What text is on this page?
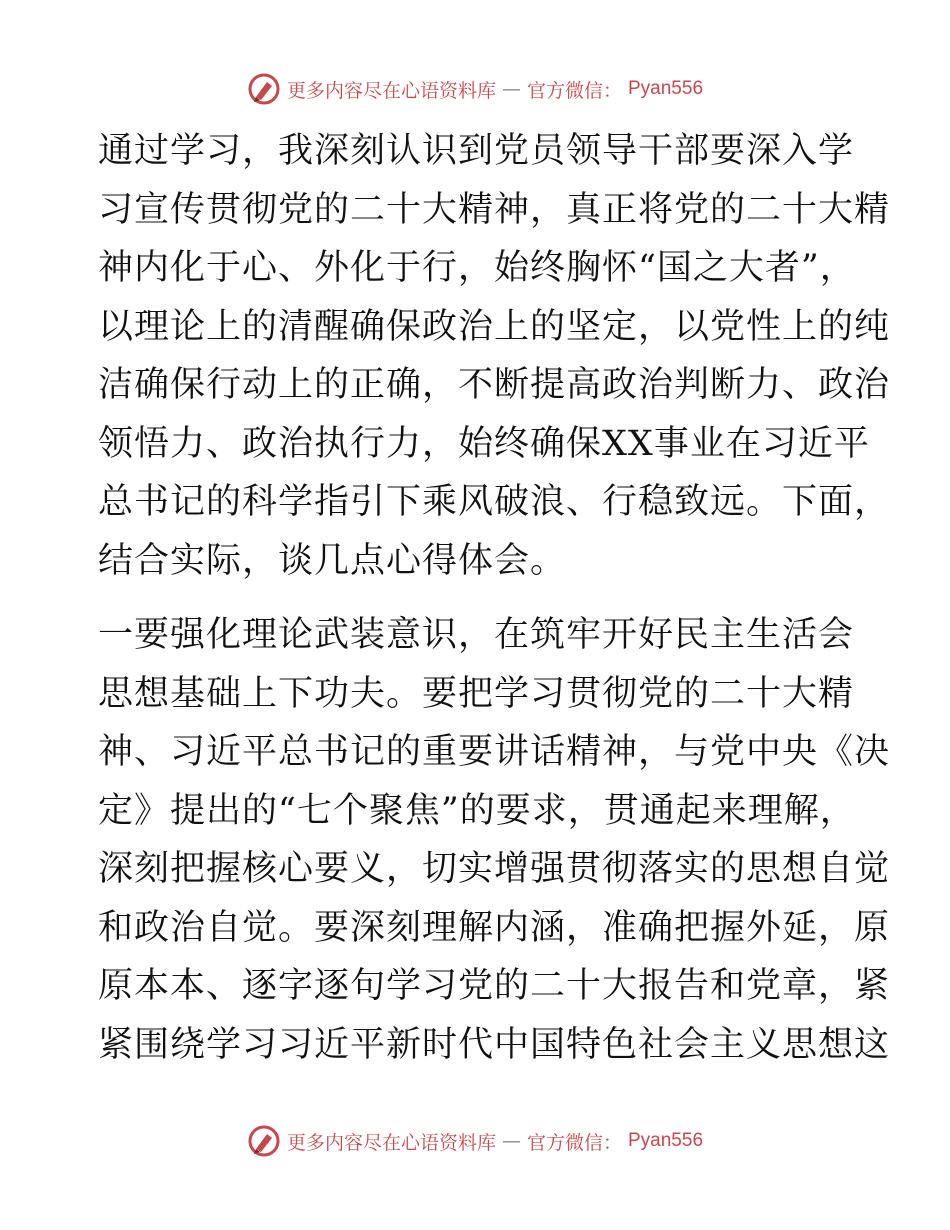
更多内容尽在心语资料库 — 官方微信： Pyan556

通过学习，我深刻认识到党员领导干部要深入学
习宣传贯彻党的二十大精神，真正将党的二十大精
神内化于心、外化于行，始终胸怀“国之大者”，
以理论上的清醒确保政治上的坚定，以党性上的纯
洁确保行动上的正确，不断提高政治判断力、政治
领悟力、政治执行力，始终确保XX事业在习近平
总书记的科学指引下乘风破浪、行稳致远。下面，
结合实际，谈几点心得体会。

一要强化理论武装意识，在筑牢开好民主生活会
思想基础上下功夫。要把学习贯彻党的二十大精
神、习近平总书记的重要讲话精神，与党中央《决
定》提出的“七个聚焦”的要求，贯通起来理解，
深刻把握核心要义，切实增强贯彻落实的思想自觉
和政治自觉。要深刻理解内涵，准确把握外延，原
原本本、逐字逐句学习党的二十大报告和党章，紧
紧围绕学习习近平新时代中国特色社会主义思想这

更多内容尽在心语资料库 — 官方微信： Pyan556
